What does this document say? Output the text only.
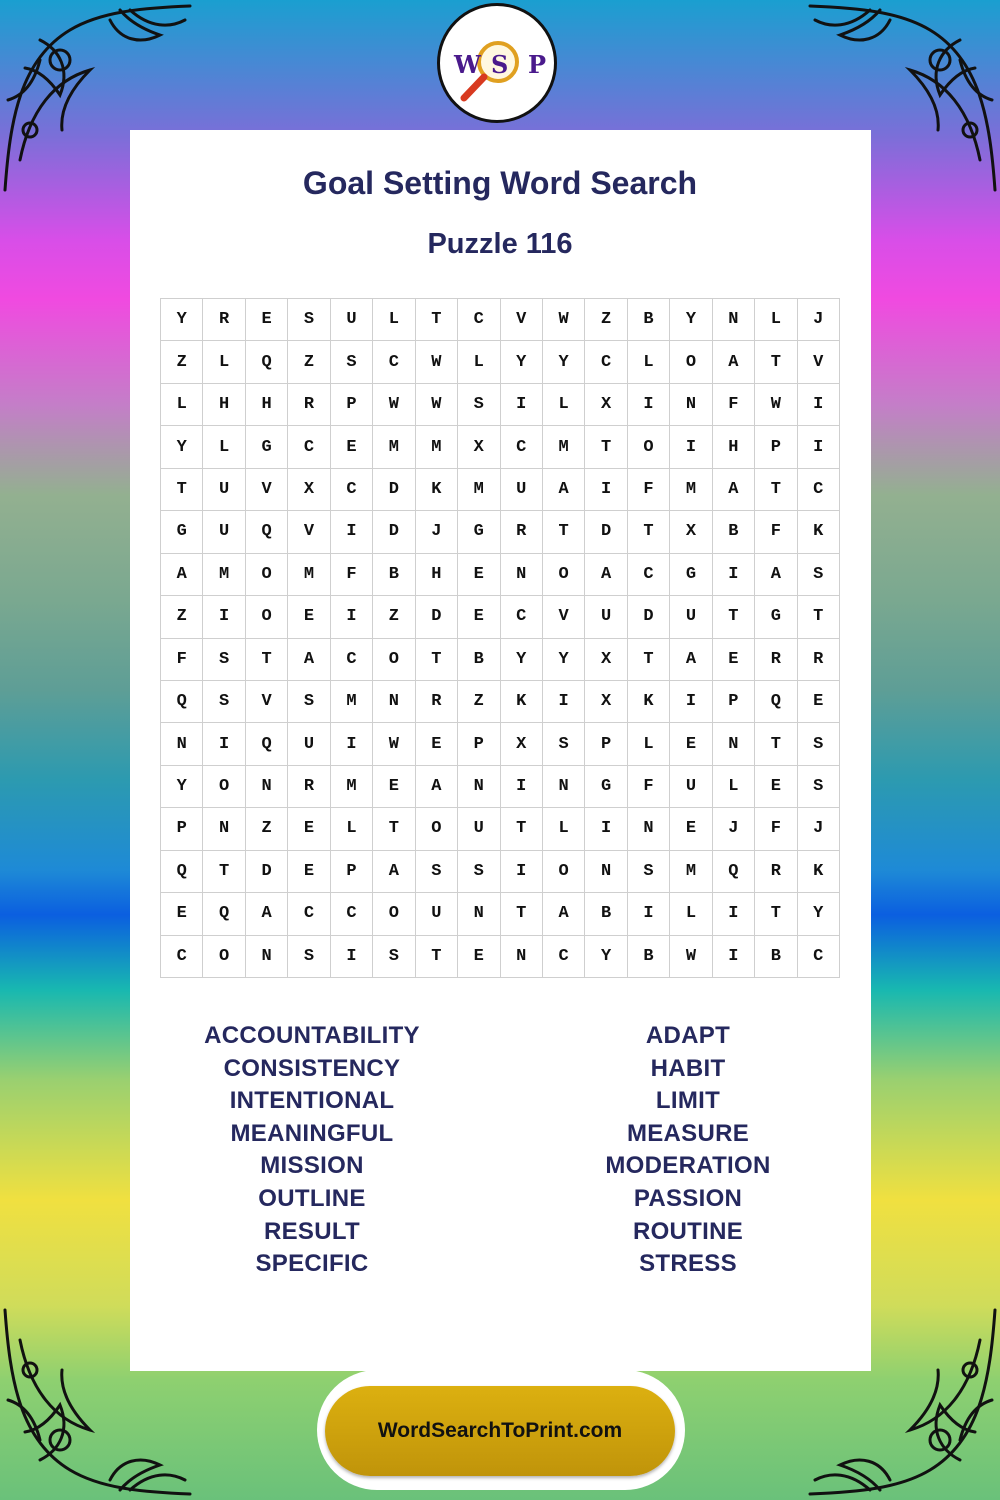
W S P
Goal Setting Word Search
Puzzle 116
Y	R	E	S	U	L	T	C	V	W	Z	B	Y	N	L	J
Z	L	Q	Z	S	C	W	L	Y	Y	C	L	O	A	T	V
L	H	H	R	P	W	W	S	I	L	X	I	N	F	W	I
Y	L	G	C	E	M	M	X	C	M	T	O	I	H	P	I
T	U	V	X	C	D	K	M	U	A	I	F	M	A	T	C
G	U	Q	V	I	D	J	G	R	T	D	T	X	B	F	K
A	M	O	M	F	B	H	E	N	O	A	C	G	I	A	S
Z	I	O	E	I	Z	D	E	C	V	U	D	U	T	G	T
F	S	T	A	C	O	T	B	Y	Y	X	T	A	E	R	R
Q	S	V	S	M	N	R	Z	K	I	X	K	I	P	Q	E
N	I	Q	U	I	W	E	P	X	S	P	L	E	N	T	S
Y	O	N	R	M	E	A	N	I	N	G	F	U	L	E	S
P	N	Z	E	L	T	O	U	T	L	I	N	E	J	F	J
Q	T	D	E	P	A	S	S	I	O	N	S	M	Q	R	K
E	Q	A	C	C	O	U	N	T	A	B	I	L	I	T	Y
C	O	N	S	I	S	T	E	N	C	Y	B	W	I	B	C
ACCOUNTABILITY
CONSISTENCY
INTENTIONAL
MEANINGFUL
MISSION
OUTLINE
RESULT
SPECIFIC
ADAPT
HABIT
LIMIT
MEASURE
MODERATION
PASSION
ROUTINE
STRESS
WordSearchToPrint.com
